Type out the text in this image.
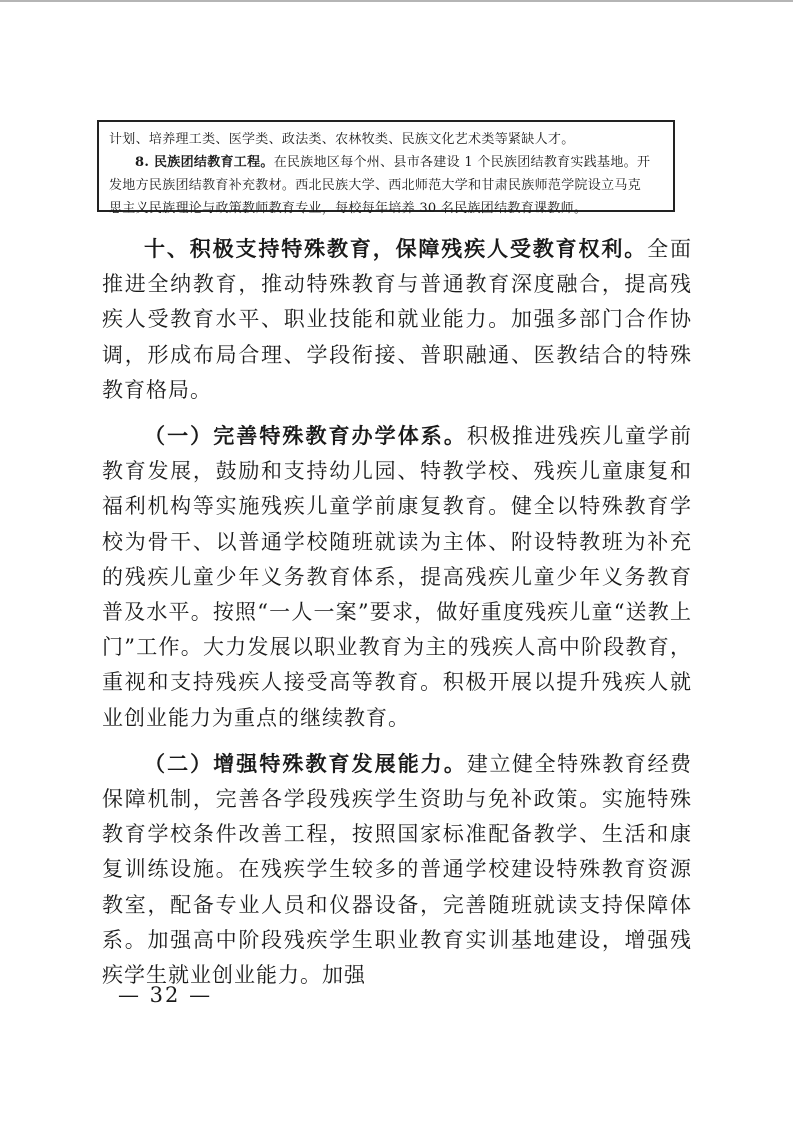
计划、培养理工类、医学类、政法类、农林牧类、民族文化艺术类等紧缺人才。
8. 民族团结教育工程。在民族地区每个州、县市各建设 1 个民族团结教育实践基地。开
发地方民族团结教育补充教材。西北民族大学、西北师范大学和甘肃民族师范学院设立马克
思主义民族理论与政策教师教育专业，每校每年培养 30 名民族团结教育课教师。

十、积极支持特殊教育，保障残疾人受教育权利。全面推进全纳教育，推动特殊教育与普通教育深度融合，提高残疾人受教育水平、职业技能和就业能力。加强多部门合作协调，形成布局合理、学段衔接、普职融通、医教结合的特殊教育格局。

（一）完善特殊教育办学体系。积极推进残疾儿童学前教育发展，鼓励和支持幼儿园、特教学校、残疾儿童康复和福利机构等实施残疾儿童学前康复教育。健全以特殊教育学校为骨干、以普通学校随班就读为主体、附设特教班为补充的残疾儿童少年义务教育体系，提高残疾儿童少年义务教育普及水平。按照“一人一案”要求，做好重度残疾儿童“送教上门”工作。大力发展以职业教育为主的残疾人高中阶段教育，重视和支持残疾人接受高等教育。积极开展以提升残疾人就业创业能力为重点的继续教育。

（二）增强特殊教育发展能力。建立健全特殊教育经费保障机制，完善各学段残疾学生资助与免补政策。实施特殊教育学校条件改善工程，按照国家标准配备教学、生活和康复训练设施。在残疾学生较多的普通学校建设特殊教育资源教室，配备专业人员和仪器设备，完善随班就读支持保障体系。加强高中阶段残疾学生职业教育实训基地建设，增强残疾学生就业创业能力。加强

— 32 —
